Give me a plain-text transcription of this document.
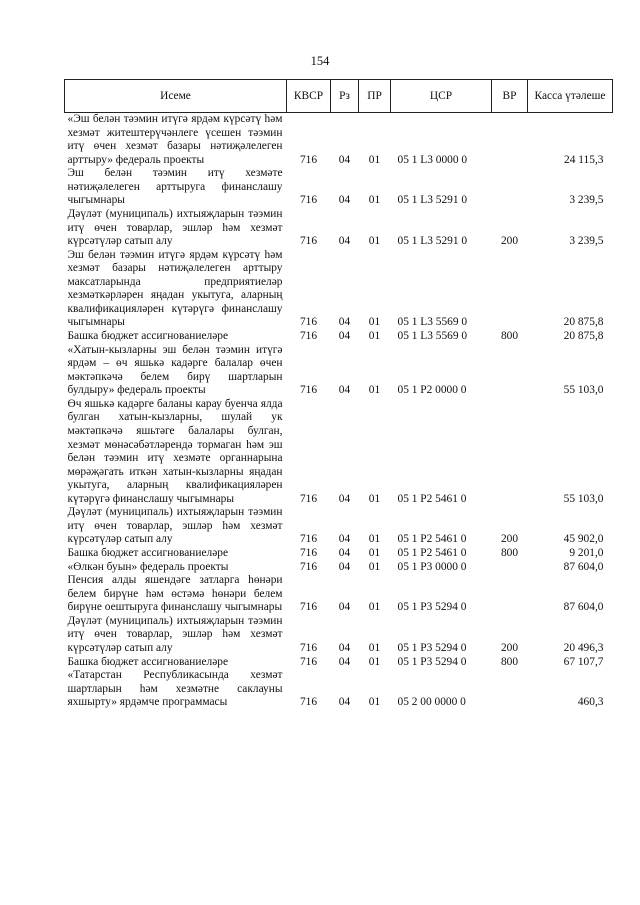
154
Исеме	КВСР	Рз	ПР	ЦСР	ВР	Касса үтәлеше
«Эш белән тәэмин итүгә ярдәм күрсәтү һәм хезмәт житештерүчәнлеге үсешен тәэмин итү өчен хезмәт базары нәтиҗәлелеген арттыру» федераль проекты	716	04	01	05 1 L3 0000 0		24 115,3
Эш белән тәэмин итү хезмәте нәтиҗәлелеген арттыруга финанслашу чыгымнары	716	04	01	05 1 L3 5291 0		3 239,5
Дәүләт (муниципаль) ихтыяҗларын тәэмин итү өчен товарлар, эшләр һәм хезмәт күрсәтүләр сатып алу	716	04	01	05 1 L3 5291 0	200	3 239,5
Эш белән тәэмин итүгә ярдәм күрсәтү һәм хезмәт базары нәтиҗәлелеген арттыру максатларында предприятиеләр хезмәткәрләрен яңадан укытуга, аларның квалификацияләрен күтәрүгә финанслашу чыгымнары	716	04	01	05 1 L3 5569 0		20 875,8
Башка бюджет ассигнованиеләре	716	04	01	05 1 L3 5569 0	800	20 875,8
«Хатын-кызларны эш белән тәэмин итүгә ярдәм – өч яшькә кадәрге балалар өчен мәктәпкәчә белем бирү шартларын булдыру» федераль проекты	716	04	01	05 1 P2 0000 0		55 103,0
Өч яшькә кадәрге баланы карау буенча ялда булган хатын-кызларны, шулай ук мәктәпкәчә яшьтәге балалары булган, хезмәт мөнәсәбәтләрендә тормаган һәм эш белән тәэмин итү хезмәте органнарына мөрәҗәгать иткән хатын-кызларны яңадан укытуга, аларның квалификацияләрен күтәрүгә финанслашу чыгымнары	716	04	01	05 1 P2 5461 0		55 103,0
Дәүләт (муниципаль) ихтыяҗларын тәэмин итү өчен товарлар, эшләр һәм хезмәт күрсәтүләр сатып алу	716	04	01	05 1 P2 5461 0	200	45 902,0
Башка бюджет ассигнованиеләре	716	04	01	05 1 P2 5461 0	800	9 201,0
«Өлкән буын» федераль проекты	716	04	01	05 1 P3 0000 0		87 604,0
Пенсия алды яшендәге затларга һөнәри белем бирүне һәм өстәмә һөнәри белем бирүне оештыруга финанслашу чыгымнары	716	04	01	05 1 P3 5294 0		87 604,0
Дәүләт (муниципаль) ихтыяҗларын тәэмин итү өчен товарлар, эшләр һәм хезмәт күрсәтүләр сатып алу	716	04	01	05 1 P3 5294 0	200	20 496,3
Башка бюджет ассигнованиеләре	716	04	01	05 1 P3 5294 0	800	67 107,7
«Татарстан Республикасында хезмәт шартларын һәм хезмәтне саклауны яхшырту» ярдәмче программасы	716	04	01	05 2 00 0000 0		460,3
